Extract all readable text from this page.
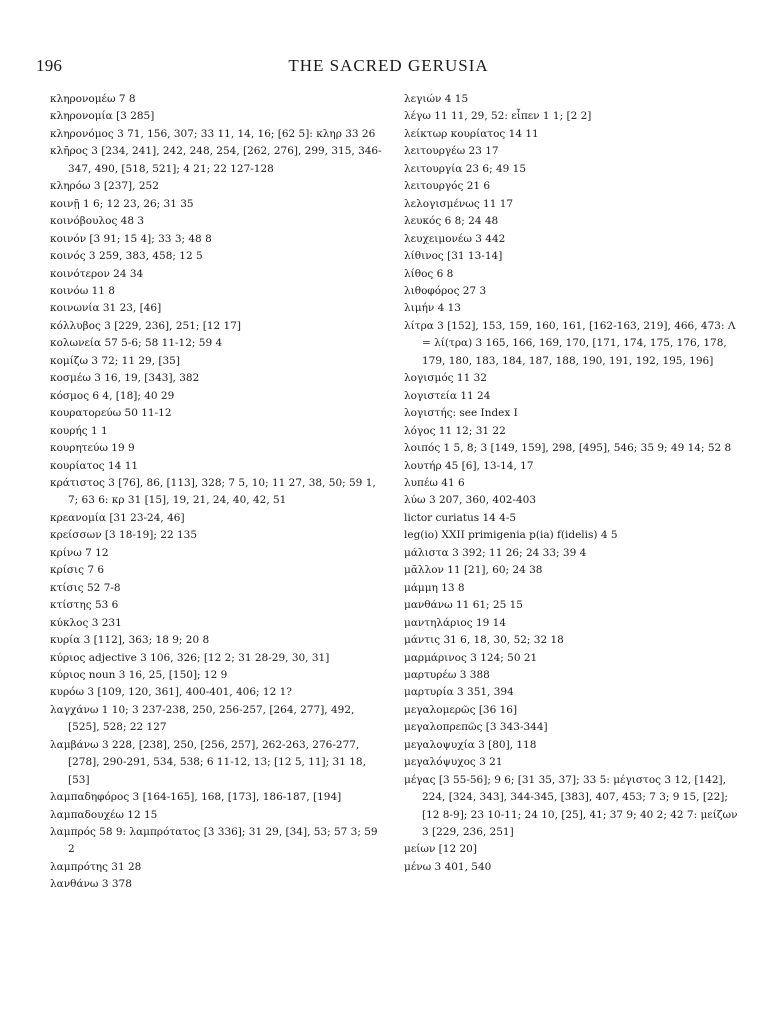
196	THE SACRED GERUSIA
κληρονομέω 7 8
κληρονομία [3 285]
κληρονόμος 3 71, 156, 307; 33 11, 14, 16; [62 5]: κληρ 33 26
κλῆρος 3 [234, 241], 242, 248, 254, [262, 276], 299, 315, 346-347, 490, [518, 521]; 4 21; 22 127-128
κληρόω 3 [237], 252
κοινῇ 1 6; 12 23, 26; 31 35
κοινόβουλος 48 3
κοινόν [3 91; 15 4]; 33 3; 48 8
κοινός 3 259, 383, 458; 12 5
κοινότερον 24 34
κοινόω 11 8
κοινωνία 31 23, [46]
κόλλυβος 3 [229, 236], 251; [12 17]
κολωνεία 57 5-6; 58 11-12; 59 4
κομίζω 3 72; 11 29, [35]
κοσμέω 3 16, 19, [343], 382
κόσμος 6 4, [18]; 40 29
κουρατορεύω 50 11-12
κουρής 1 1
κουρητεύω 19 9
κουρίατος 14 11
κράτιστος 3 [76], 86, [113], 328; 7 5, 10; 11 27, 38, 50; 59 1, 7; 63 6: κρ 31 [15], 19, 21, 24, 40, 42, 51
κρεανομία [31 23-24, 46]
κρείσσων [3 18-19]; 22 135
κρίνω 7 12
κρίσις 7 6
κτίσις 52 7-8
κτίστης 53 6
κύκλος 3 231
κυρία 3 [112], 363; 18 9; 20 8
κύριος adjective 3 106, 326; [12 2; 31 28-29, 30, 31]
κύριος noun 3 16, 25, [150]; 12 9
κυρόω 3 [109, 120, 361], 400-401, 406; 12 1?
λαγχάνω 1 10; 3 237-238, 250, 256-257, [264, 277], 492, [525], 528; 22 127
λαμβάνω 3 228, [238], 250, [256, 257], 262-263, 276-277, [278], 290-291, 534, 538; 6 11-12, 13; [12 5, 11]; 31 18, [53]
λαμπαδηφόρος 3 [164-165], 168, [173], 186-187, [194]
λαμπαδουχέω 12 15
λαμπρός 58 9: λαμπρότατος [3 336]; 31 29, [34], 53; 57 3; 59 2
λαμπρότης 31 28
λανθάνω 3 378
λεγιών 4 15
λέγω 11 11, 29, 52: εἶπεν 1 1; [2 2]
λείκτωρ κουρίατος 14 11
λειτουργέω 23 17
λειτουργία 23 6; 49 15
λειτουργός 21 6
λελογισμένως 11 17
λευκός 6 8; 24 48
λευχειμονέω 3 442
λίθινος [31 13-14]
λίθος 6 8
λιθοφόρος 27 3
λιμήν 4 13
λίτρα 3 [152], 153, 159, 160, 161, [162-163, 219], 466, 473: Λ = λί(τρα) 3 165, 166, 169, 170, [171, 174, 175, 176, 178, 179, 180, 183, 184, 187, 188, 190, 191, 192, 195, 196]
λογισμός 11 32
λογιστεία 11 24
λογιστής: see Index I
λόγος 11 12; 31 22
λοιπός 1 5, 8; 3 [149, 159], 298, [495], 546; 35 9; 49 14; 52 8
λουτήρ 45 [6], 13-14, 17
λυπέω 41 6
λύω 3 207, 360, 402-403
lictor curiatus 14 4-5
leg(io) XXII primigenia p(ia) f(idelis) 4 5
μάλιστα 3 392; 11 26; 24 33; 39 4
μᾶλλον 11 [21], 60; 24 38
μάμμη 13 8
μανθάνω 11 61; 25 15
μαντηλάριος 19 14
μάντις 31 6, 18, 30, 52; 32 18
μαρμάρινος 3 124; 50 21
μαρτυρέω 3 388
μαρτυρία 3 351, 394
μεγαλομερῶς [36 16]
μεγαλοπρεπῶς [3 343-344]
μεγαλοψυχία 3 [80], 118
μεγαλόψυχος 3 21
μέγας [3 55-56]; 9 6; [31 35, 37]; 33 5: μέγιστος 3 12, [142], 224, [324, 343], 344-345, [383], 407, 453; 7 3; 9 15, [22]; [12 8-9]; 23 10-11; 24 10, [25], 41; 37 9; 40 2; 42 7: μείζων 3 [229, 236, 251]
μείων [12 20]
μένω 3 401, 540
